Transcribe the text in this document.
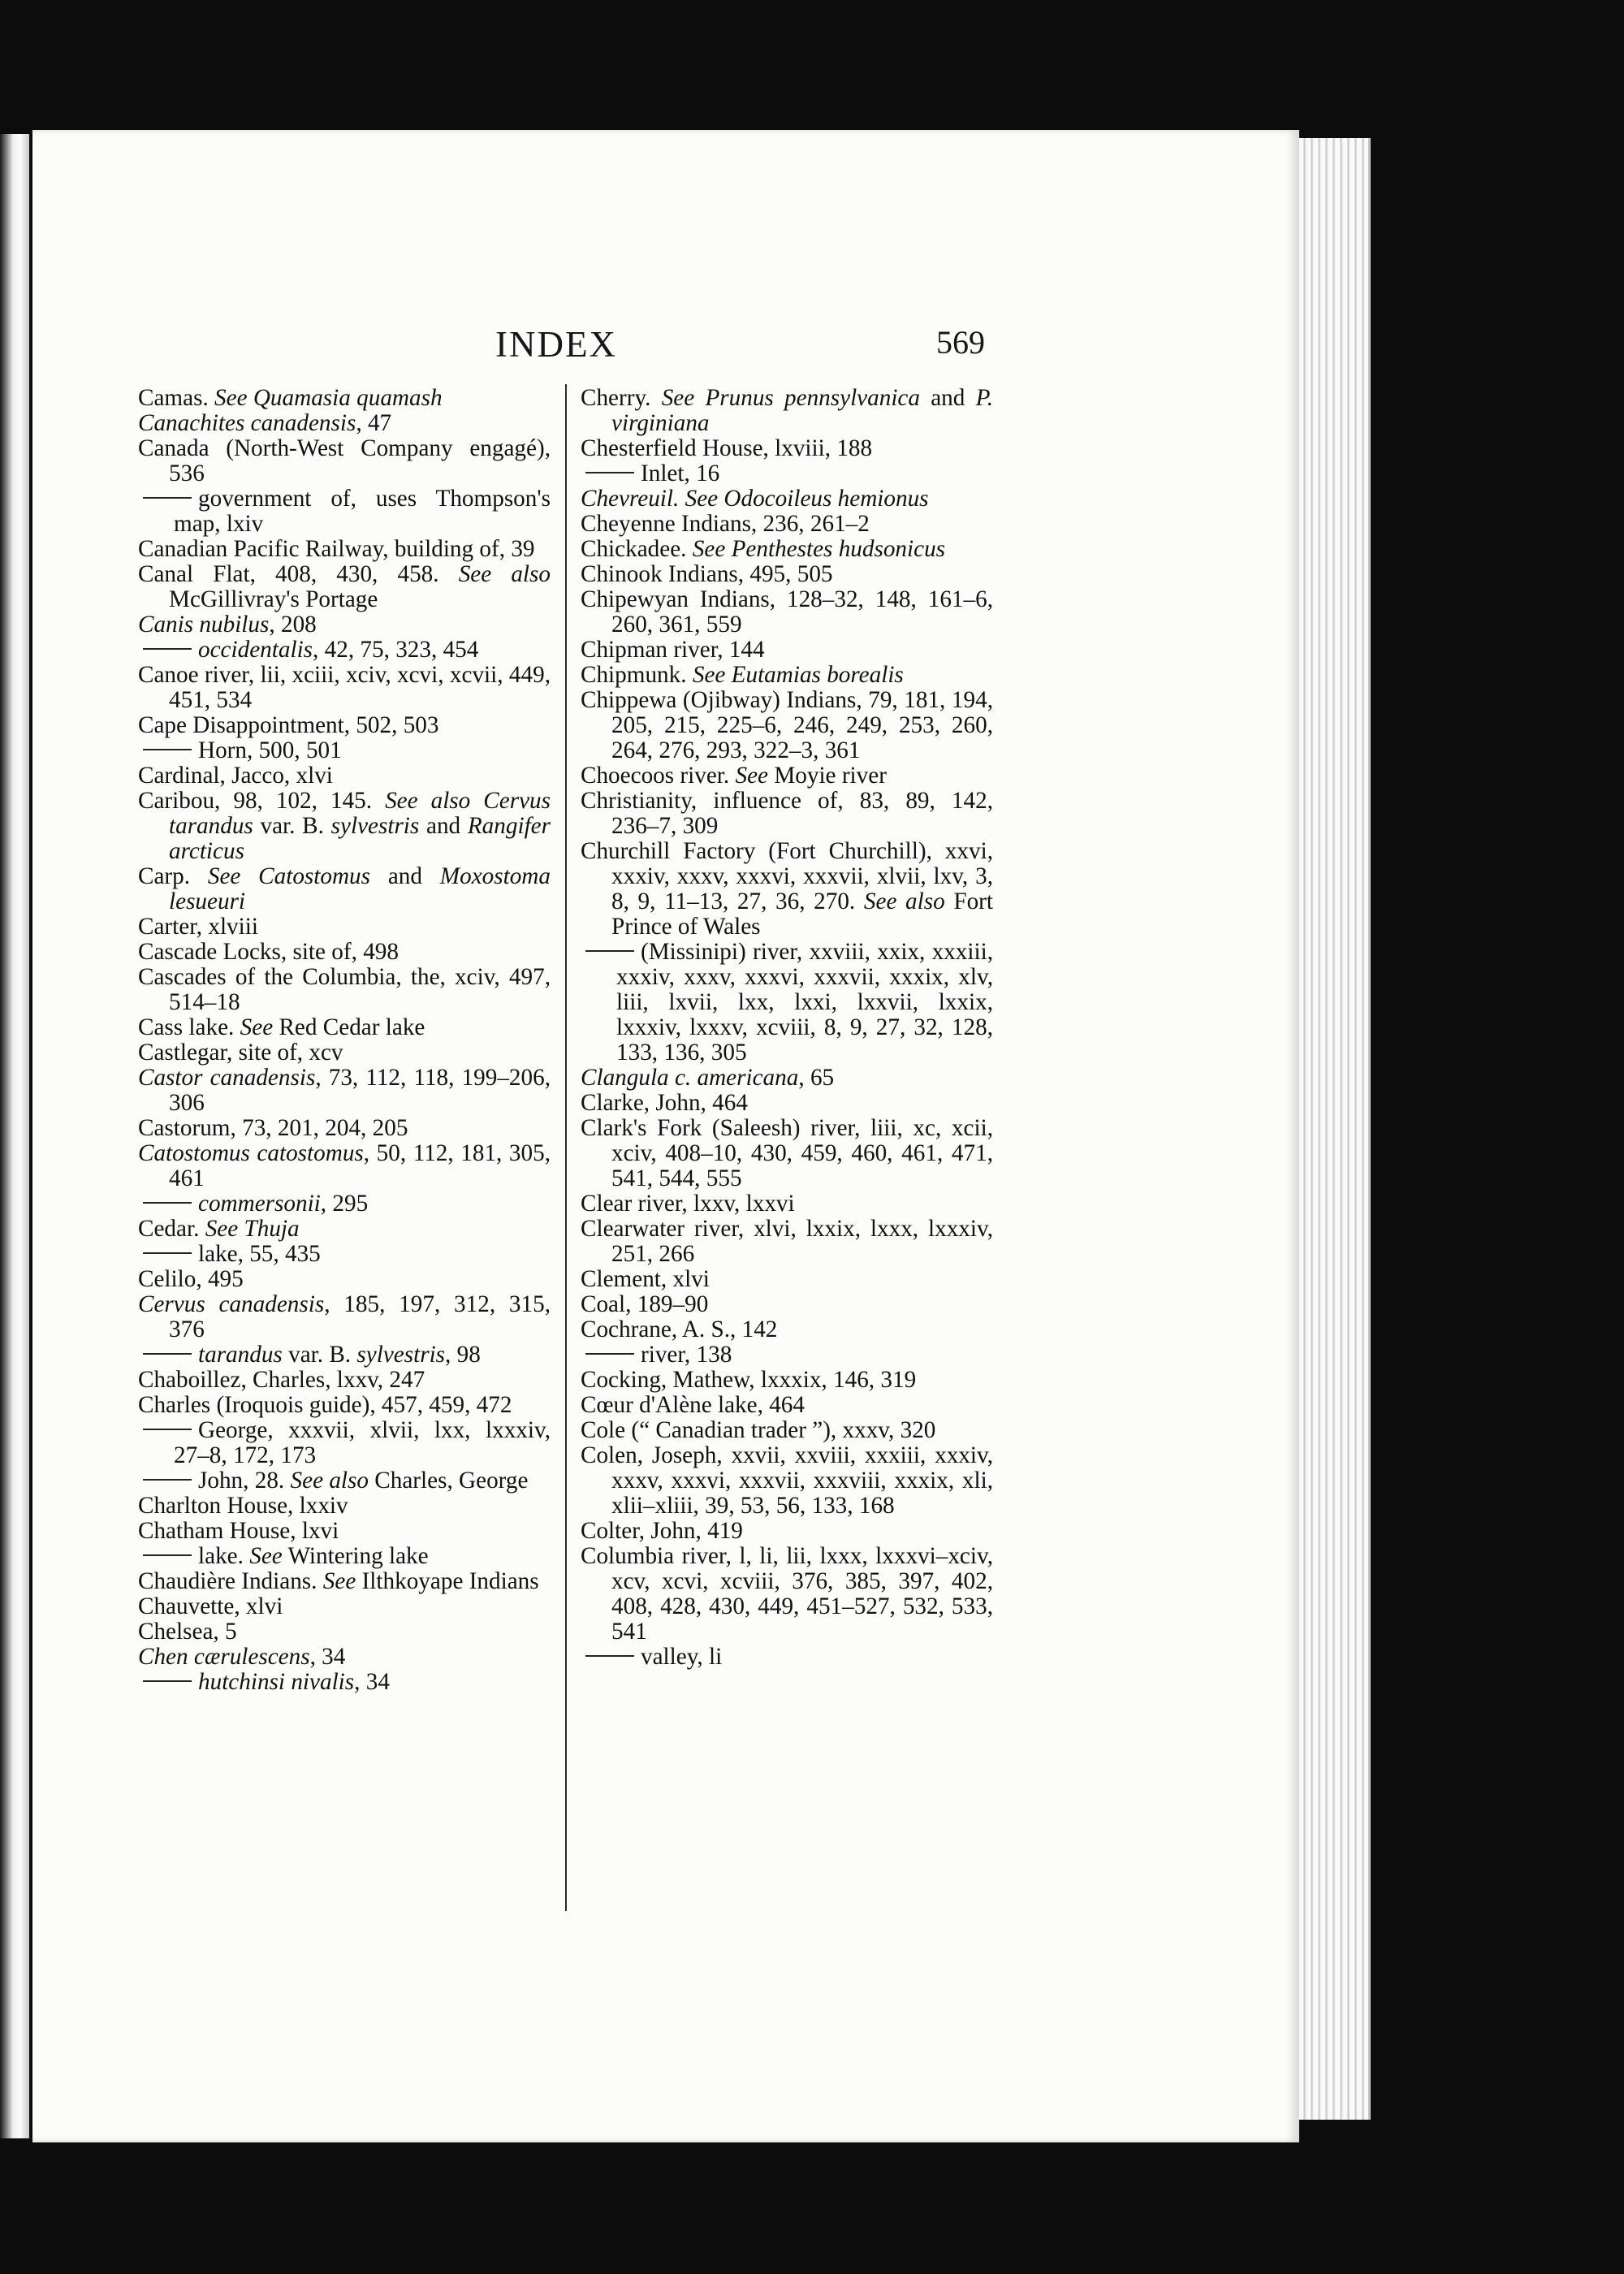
INDEX	569
Camas. See Quamasia quamash
Canachites canadensis, 47
Canada (North-West Company engagé), 536
government of, uses Thompson's map, lxiv
Canadian Pacific Railway, building of, 39
Canal Flat, 408, 430, 458. See also McGillivray's Portage
Canis nubilus, 208
occidentalis, 42, 75, 323, 454
Canoe river, lii, xciii, xciv, xcvi, xcvii, 449, 451, 534
Cape Disappointment, 502, 503
Horn, 500, 501
Cardinal, Jacco, xlvi
Caribou, 98, 102, 145. See also Cervus tarandus var. B. sylvestris and Rangifer arcticus
Carp. See Catostomus and Moxostoma lesueuri
Carter, xlviii
Cascade Locks, site of, 498
Cascades of the Columbia, the, xciv, 497, 514–18
Cass lake. See Red Cedar lake
Castlegar, site of, xcv
Castor canadensis, 73, 112, 118, 199–206, 306
Castorum, 73, 201, 204, 205
Catostomus catostomus, 50, 112, 181, 305, 461
commersonii, 295
Cedar. See Thuja
lake, 55, 435
Celilo, 495
Cervus canadensis, 185, 197, 312, 315, 376
tarandus var. B. sylvestris, 98
Chaboillez, Charles, lxxv, 247
Charles (Iroquois guide), 457, 459, 472
George, xxxvii, xlvii, lxx, lxxxiv, 27–8, 172, 173
John, 28. See also Charles, George
Charlton House, lxxiv
Chatham House, lxvi
lake. See Wintering lake
Chaudière Indians. See Ilthkoyape Indians
Chauvette, xlvi
Chelsea, 5
Chen cærulescens, 34
hutchinsi nivalis, 34
Cherry. See Prunus pennsylvanica and P. virginiana
Chesterfield House, lxviii, 188
Inlet, 16
Chevreuil. See Odocoileus hemionus
Cheyenne Indians, 236, 261–2
Chickadee. See Penthestes hudsonicus
Chinook Indians, 495, 505
Chipewyan Indians, 128–32, 148, 161–6, 260, 361, 559
Chipman river, 144
Chipmunk. See Eutamias borealis
Chippewa (Ojibway) Indians, 79, 181, 194, 205, 215, 225–6, 246, 249, 253, 260, 264, 276, 293, 322–3, 361
Choecoos river. See Moyie river
Christianity, influence of, 83, 89, 142, 236–7, 309
Churchill Factory (Fort Churchill), xxvi, xxxiv, xxxv, xxxvi, xxxvii, xlvii, lxv, 3, 8, 9, 11–13, 27, 36, 270. See also Fort Prince of Wales
(Missinipi) river, xxviii, xxix, xxxiii, xxxiv, xxxv, xxxvi, xxxvii, xxxix, xlv, liii, lxvii, lxx, lxxi, lxxvii, lxxix, lxxxiv, lxxxv, xcviii, 8, 9, 27, 32, 128, 133, 136, 305
Clangula c. americana, 65
Clarke, John, 464
Clark's Fork (Saleesh) river, liii, xc, xcii, xciv, 408–10, 430, 459, 460, 461, 471, 541, 544, 555
Clear river, lxxv, lxxvi
Clearwater river, xlvi, lxxix, lxxx, lxxxiv, 251, 266
Clement, xlvi
Coal, 189–90
Cochrane, A. S., 142
river, 138
Cocking, Mathew, lxxxix, 146, 319
Cœur d'Alène lake, 464
Cole (“ Canadian trader ”), xxxv, 320
Colen, Joseph, xxvii, xxviii, xxxiii, xxxiv, xxxv, xxxvi, xxxvii, xxxviii, xxxix, xli, xlii–xliii, 39, 53, 56, 133, 168
Colter, John, 419
Columbia river, l, li, lii, lxxx, lxxxvi–xciv, xcv, xcvi, xcviii, 376, 385, 397, 402, 408, 428, 430, 449, 451–527, 532, 533, 541
valley, li
